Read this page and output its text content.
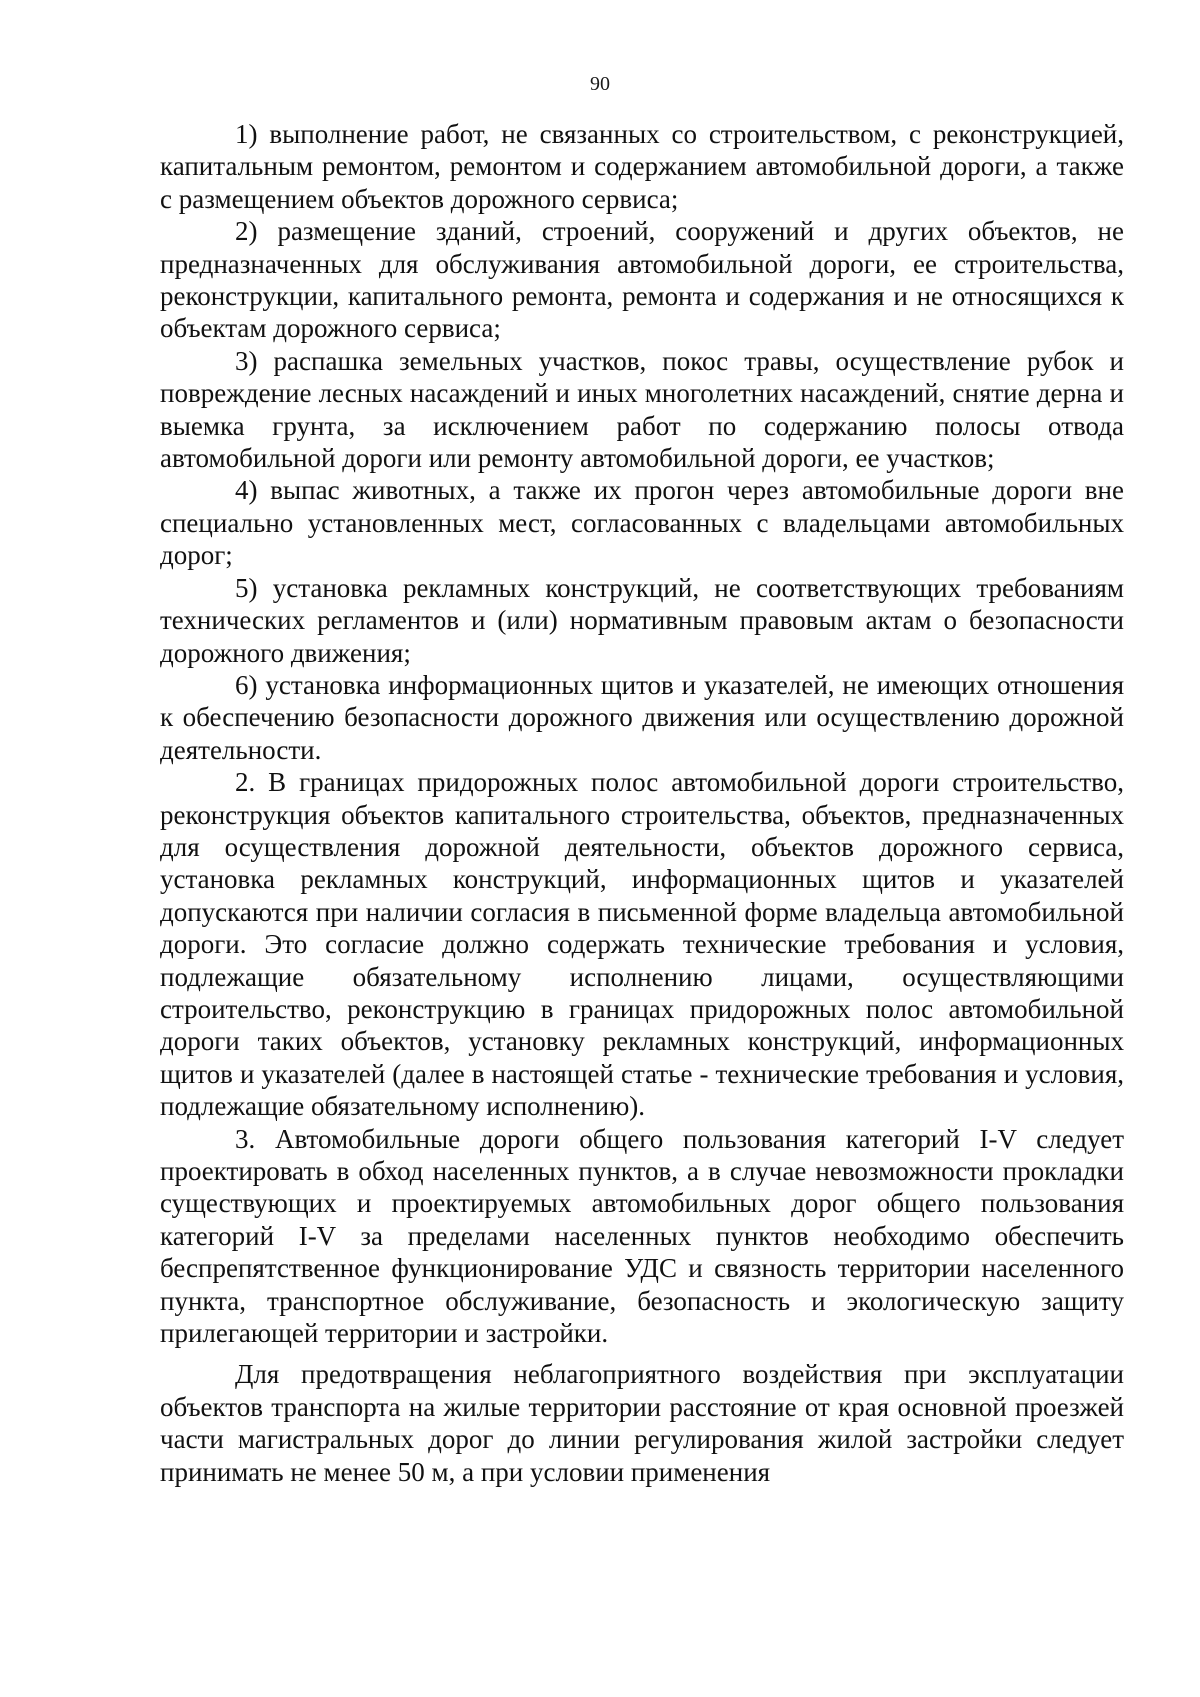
90

1) выполнение работ, не связанных со строительством, с реконструкцией, капитальным ремонтом, ремонтом и содержанием автомобильной дороги, а также с размещением объектов дорожного сервиса;

2) размещение зданий, строений, сооружений и других объектов, не предназначенных для обслуживания автомобильной дороги, ее строительства, реконструкции, капитального ремонта, ремонта и содержания и не относящихся к объектам дорожного сервиса;

3) распашка земельных участков, покос травы, осуществление рубок и повреждение лесных насаждений и иных многолетних насаждений, снятие дерна и выемка грунта, за исключением работ по содержанию полосы отвода автомобильной дороги или ремонту автомобильной дороги, ее участков;

4) выпас животных, а также их прогон через автомобильные дороги вне специально установленных мест, согласованных с владельцами автомобильных дорог;

5) установка рекламных конструкций, не соответствующих требованиям технических регламентов и (или) нормативным правовым актам о безопасности дорожного движения;

6) установка информационных щитов и указателей, не имеющих отношения к обеспечению безопасности дорожного движения или осуществлению дорожной деятельности.

2. В границах придорожных полос автомобильной дороги строительство, реконструкция объектов капитального строительства, объектов, предназначенных для осуществления дорожной деятельности, объектов дорожного сервиса, установка рекламных конструкций, информационных щитов и указателей допускаются при наличии согласия в письменной форме владельца автомобильной дороги. Это согласие должно содержать технические требования и условия, подлежащие обязательному исполнению лицами, осуществляющими строительство, реконструкцию в границах придорожных полос автомобильной дороги таких объектов, установку рекламных конструкций, информационных щитов и указателей (далее в настоящей статье - технические требования и условия, подлежащие обязательному исполнению).

3. Автомобильные дороги общего пользования категорий I-V следует проектировать в обход населенных пунктов, а в случае невозможности прокладки существующих и проектируемых автомобильных дорог общего пользования категорий I-V за пределами населенных пунктов необходимо обеспечить беспрепятственное функционирование УДС и связность территории населенного пункта, транспортное обслуживание, безопасность и экологическую защиту прилегающей территории и застройки.

Для предотвращения неблагоприятного воздействия при эксплуатации объектов транспорта на жилые территории расстояние от края основной проезжей части магистральных дорог до линии регулирования жилой застройки следует принимать не менее 50 м, а при условии применения
